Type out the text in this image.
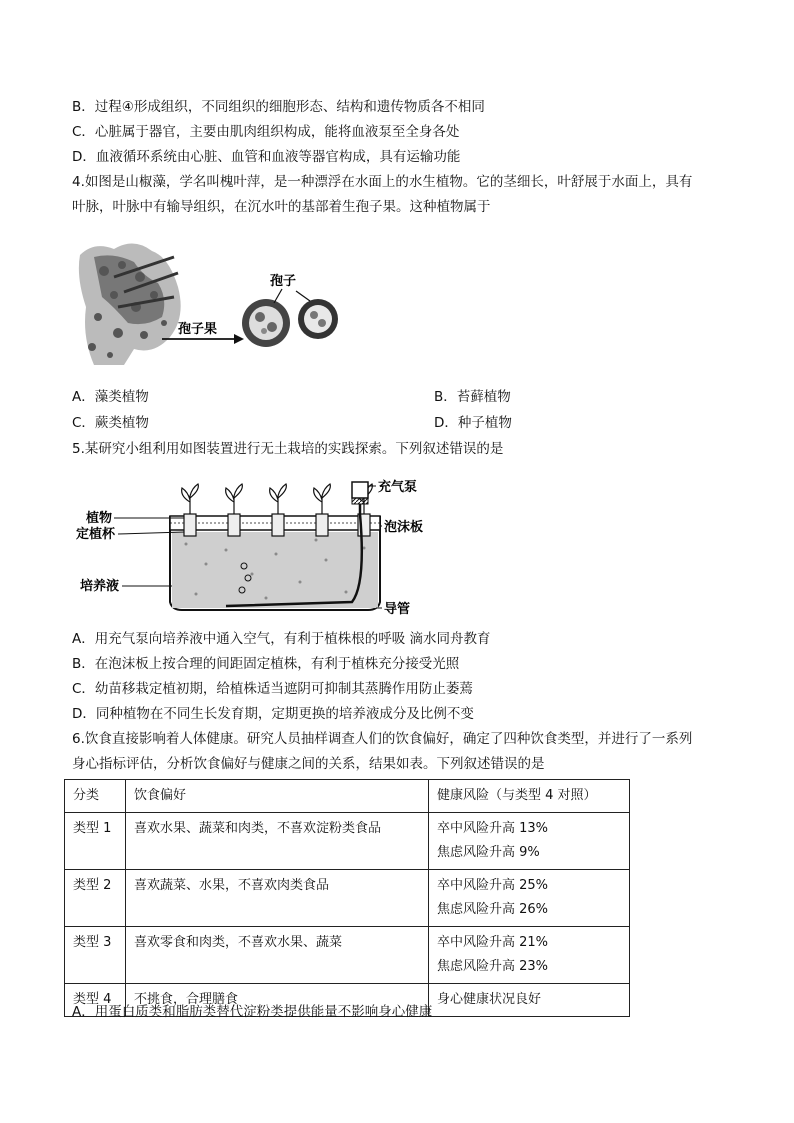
B．过程④形成组织，不同组织的细胞形态、结构和遗传物质各不相同
C．心脏属于器官，主要由肌肉组织构成，能将血液泵至全身各处
D．血液循环系统由心脏、血管和血液等器官构成，具有运输功能
4.如图是山椒藻，学名叫槐叶萍，是一种漂浮在水面上的水生植物。它的茎细长，叶舒展于水面上，具有
叶脉，叶脉中有输导组织，在沉水叶的基部着生孢子果。这种植物属于
孢子果
孢子
A．藻类植物	B．苔藓植物
C．蕨类植物	D．种子植物
5.某研究小组利用如图装置进行无土栽培的实践探索。下列叙述错误的是
充气泵
植物
定植杯	泡沫板
培养液
导管
A．用充气泵向培养液中通入空气，有利于植株根的呼吸 滴水同舟教育
B．在泡沫板上按合理的间距固定植株，有利于植株充分接受光照
C．幼苗移栽定植初期，给植株适当遮阴可抑制其蒸腾作用防止萎蔫
D．同种植物在不同生长发育期，定期更换的培养液成分及比例不变
6.饮食直接影响着人体健康。研究人员抽样调查人们的饮食偏好，确定了四种饮食类型，并进行了一系列
身心指标评估，分析饮食偏好与健康之间的关系，结果如表。下列叙述错误的是
分类	饮食偏好	健康风险（与类型 4 对照）
类型 1	喜欢水果、蔬菜和肉类，不喜欢淀粉类食品	卒中风险升高 13%
焦虑风险升高 9%

类型 2	喜欢蔬菜、水果，不喜欢肉类食品	卒中风险升高 25%
焦虑风险升高 26%

类型 3	喜欢零食和肉类，不喜欢水果、蔬菜	卒中风险升高 21%
焦虑风险升高 23%

类型 4	不挑食，合理膳食	身心健康状况良好
A．用蛋白质类和脂肪类替代淀粉类提供能量不影响身心健康
